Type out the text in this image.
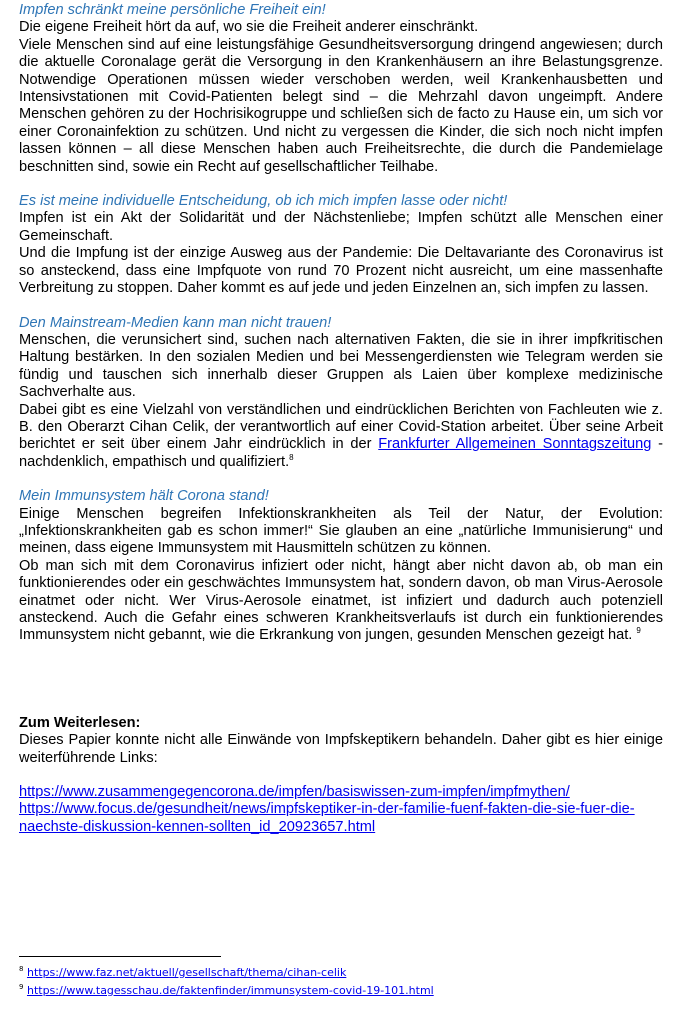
Impfen schränkt meine persönliche Freiheit ein!
Die eigene Freiheit hört da auf, wo sie die Freiheit anderer einschränkt.
Viele Menschen sind auf eine leistungsfähige Gesundheitsversorgung dringend angewiesen; durch die aktuelle Coronalage gerät die Versorgung in den Krankenhäusern an ihre Belastungsgrenze. Notwendige Operationen müssen wieder verschoben werden, weil Krankenhausbetten und Intensivstationen mit Covid-Patienten belegt sind – die Mehrzahl davon ungeimpft. Andere Menschen gehören zu der Hochrisikogruppe und schließen sich de facto zu Hause ein, um sich vor einer Coronainfektion zu schützen. Und nicht zu vergessen die Kinder, die sich noch nicht impfen lassen können – all diese Menschen haben auch Freiheitsrechte, die durch die Pandemielage beschnitten sind, sowie ein Recht auf gesellschaftlicher Teilhabe.
Es ist meine individuelle Entscheidung, ob ich mich impfen lasse oder nicht!
Impfen ist ein Akt der Solidarität und der Nächstenliebe; Impfen schützt alle Menschen einer Gemeinschaft.
Und die Impfung ist der einzige Ausweg aus der Pandemie: Die Deltavariante des Coronavirus ist so ansteckend, dass eine Impfquote von rund 70 Prozent nicht ausreicht, um eine massenhafte Verbreitung zu stoppen. Daher kommt es auf jede und jeden Einzelnen an, sich impfen zu lassen.
Den Mainstream-Medien kann man nicht trauen!
Menschen, die verunsichert sind, suchen nach alternativen Fakten, die sie in ihrer impfkritischen Haltung bestärken. In den sozialen Medien und bei Messengerdiensten wie Telegram werden sie fündig und tauschen sich innerhalb dieser Gruppen als Laien über komplexe medizinische Sachverhalte aus.
Dabei gibt es eine Vielzahl von verständlichen und eindrücklichen Berichten von Fachleuten wie z. B. den Oberarzt Cihan Celik, der verantwortlich auf einer Covid-Station arbeitet. Über seine Arbeit berichtet er seit über einem Jahr eindrücklich in der Frankfurter Allgemeinen Sonntagszeitung - nachdenklich, empathisch und qualifiziert.$^8$
Mein Immunsystem hält Corona stand!
Einige Menschen begreifen Infektionskrankheiten als Teil der Natur, der Evolution: „Infektionskrankheiten gab es schon immer!“ Sie glauben an eine „natürliche Immunisierung“ und meinen, dass eigene Immunsystem mit Hausmitteln schützen zu können.
Ob man sich mit dem Coronavirus infiziert oder nicht, hängt aber nicht davon ab, ob man ein funktionierendes oder ein geschwächtes Immunsystem hat, sondern davon, ob man Virus-Aerosole einatmet oder nicht. Wer Virus-Aerosole einatmet, ist infiziert und dadurch auch potenziell ansteckend. Auch die Gefahr eines schweren Krankheitsverlaufs ist durch ein funktionierendes Immunsystem nicht gebannt, wie die Erkrankung von jungen, gesunden Menschen gezeigt hat. $^9$
Zum Weiterlesen:
Dieses Papier konnte nicht alle Einwände von Impfskeptikern behandeln. Daher gibt es hier einige weiterführende Links:
https://www.zusammengegencorona.de/impfen/basiswissen-zum-impfen/impfmythen/
https://www.focus.de/gesundheit/news/impfskeptiker-in-der-familie-fuenf-fakten-die-sie-fuer-die-naechste-diskussion-kennen-sollten_id_20923657.html
$^8$ https://www.faz.net/aktuell/gesellschaft/thema/cihan-celik
$^9$ https://www.tagesschau.de/faktenfinder/immunsystem-covid-19-101.html
